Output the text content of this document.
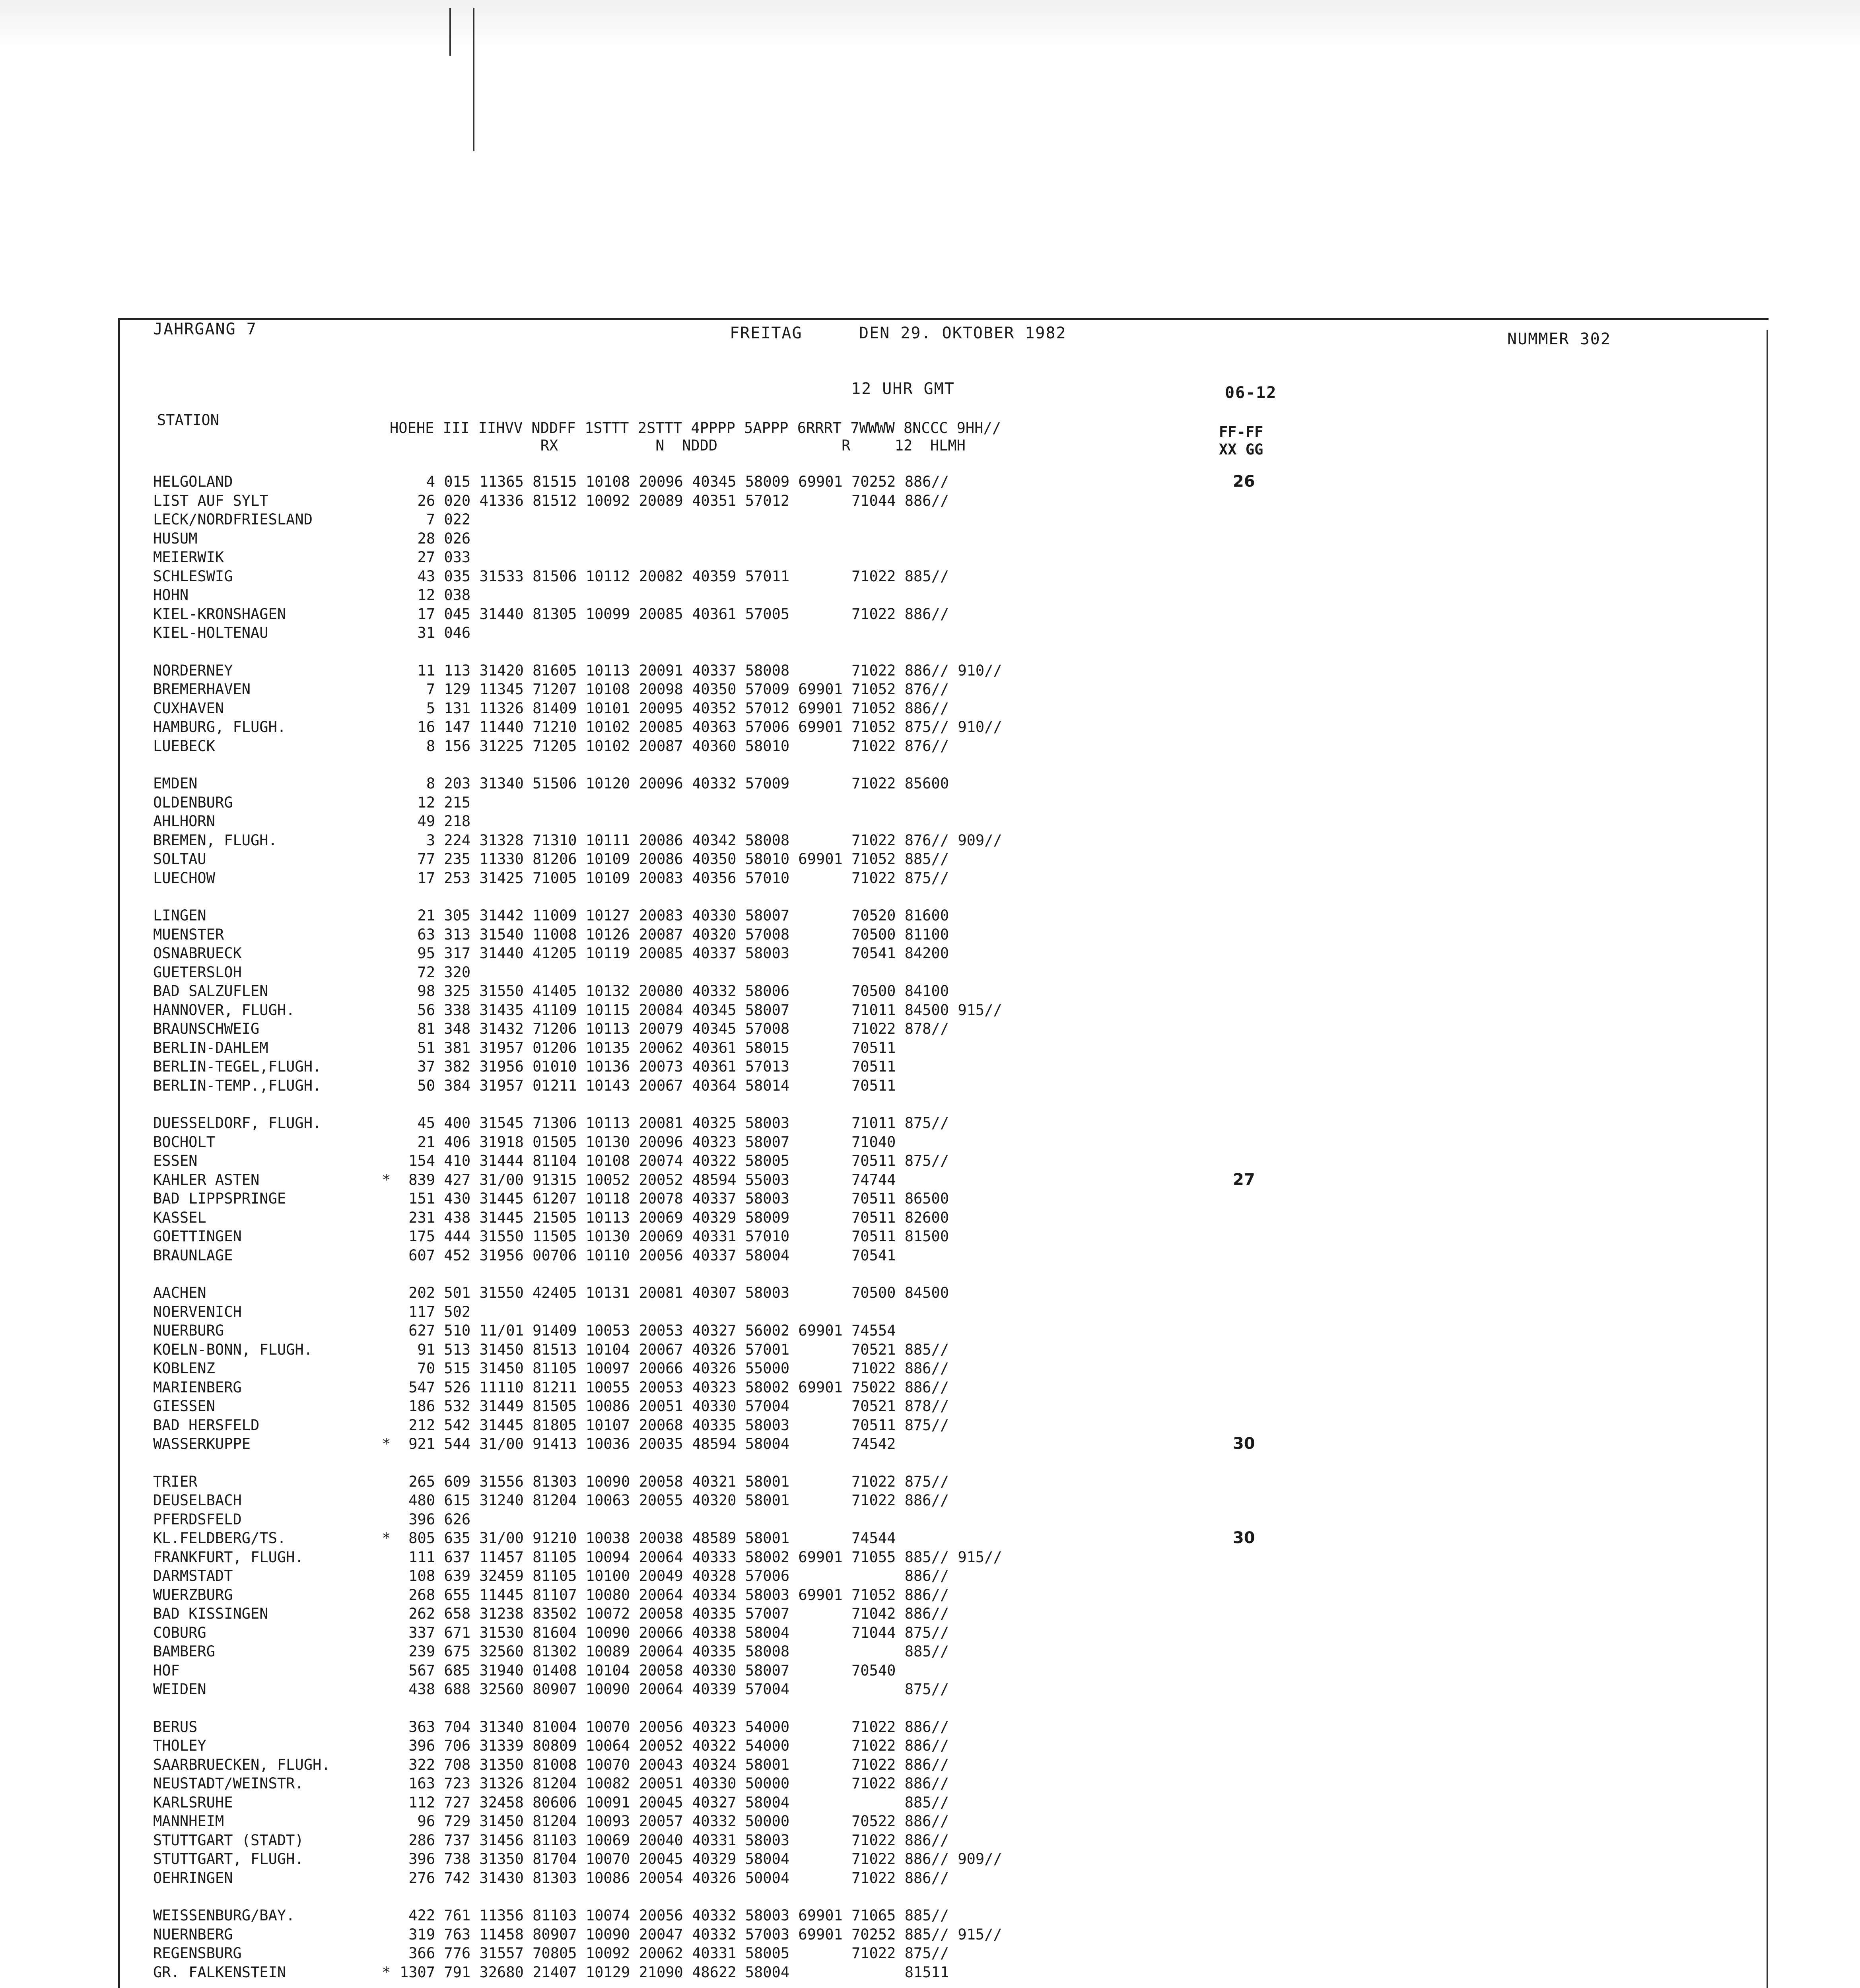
JAHRGANG 7	FREITAG	DEN 29. OKTOBER 1982	NUMMER 302
12 UHR GMT	06-12
STATION	HOEHE III IIHVV NDDFF 1STTT 2STTT 4PPPP 5APPP 6RRRT 7WWWW 8NCCC 9HH//
RX           N  NDDD              R     12  HLMH
FF-FF
XX GG
HELGOLAND	4 015 11365 81515 10108 20096 40345 58009 69901 70252 886//	26
LIST AUF SYLT	26 020 41336 81512 10092 20089 40351 57012       71044 886//
LECK/NORDFRIESLAND	7 022
HUSUM	28 026
MEIERWIK	27 033
SCHLESWIG	43 035 31533 81506 10112 20082 40359 57011       71022 885//
HOHN	12 038
KIEL-KRONSHAGEN	17 045 31440 81305 10099 20085 40361 57005       71022 886//
KIEL-HOLTENAU	31 046
NORDERNEY	11 113 31420 81605 10113 20091 40337 58008       71022 886// 910//
BREMERHAVEN	7 129 11345 71207 10108 20098 40350 57009 69901 71052 876//
CUXHAVEN	5 131 11326 81409 10101 20095 40352 57012 69901 71052 886//
HAMBURG, FLUGH.	16 147 11440 71210 10102 20085 40363 57006 69901 71052 875// 910//
LUEBECK	8 156 31225 71205 10102 20087 40360 58010       71022 876//
EMDEN	8 203 31340 51506 10120 20096 40332 57009       71022 85600
OLDENBURG	12 215
AHLHORN	49 218
BREMEN, FLUGH.	3 224 31328 71310 10111 20086 40342 58008       71022 876// 909//
SOLTAU	77 235 11330 81206 10109 20086 40350 58010 69901 71052 885//
LUECHOW	17 253 31425 71005 10109 20083 40356 57010       71022 875//
LINGEN	21 305 31442 11009 10127 20083 40330 58007       70520 81600
MUENSTER	63 313 31540 11008 10126 20087 40320 57008       70500 81100
OSNABRUECK	95 317 31440 41205 10119 20085 40337 58003       70541 84200
GUETERSLOH	72 320
BAD SALZUFLEN	98 325 31550 41405 10132 20080 40332 58006       70500 84100
HANNOVER, FLUGH.	56 338 31435 41109 10115 20084 40345 58007       71011 84500 915//
BRAUNSCHWEIG	81 348 31432 71206 10113 20079 40345 57008       71022 878//
BERLIN-DAHLEM	51 381 31957 01206 10135 20062 40361 58015       70511
BERLIN-TEGEL,FLUGH.	37 382 31956 01010 10136 20073 40361 57013       70511
BERLIN-TEMP.,FLUGH.	50 384 31957 01211 10143 20067 40364 58014       70511
DUESSELDORF, FLUGH.	45 400 31545 71306 10113 20081 40325 58003       71011 875//
BOCHOLT	21 406 31918 01505 10130 20096 40323 58007       71040
ESSEN	154 410 31444 81104 10108 20074 40322 58005       70511 875//
KAHLER ASTEN	* 839 427 31/00 91315 10052 20052 48594 55003       74744	27
BAD LIPPSPRINGE	151 430 31445 61207 10118 20078 40337 58003       70511 86500
KASSEL	231 438 31445 21505 10113 20069 40329 58009       70511 82600
GOETTINGEN	175 444 31550 11505 10130 20069 40331 57010       70511 81500
BRAUNLAGE	607 452 31956 00706 10110 20056 40337 58004       70541
AACHEN	202 501 31550 42405 10131 20081 40307 58003       70500 84500
NOERVENICH	117 502
NUERBURG	627 510 11/01 91409 10053 20053 40327 56002 69901 74554
KOELN-BONN, FLUGH.	91 513 31450 81513 10104 20067 40326 57001       70521 885//
KOBLENZ	70 515 31450 81105 10097 20066 40326 55000       71022 886//
MARIENBERG	547 526 11110 81211 10055 20053 40323 58002 69901 75022 886//
GIESSEN	186 532 31449 81505 10086 20051 40330 57004       70521 878//
BAD HERSFELD	212 542 31445 81805 10107 20068 40335 58003       70511 875//
WASSERKUPPE	* 921 544 31/00 91413 10036 20035 48594 58004       74542	30
TRIER	265 609 31556 81303 10090 20058 40321 58001       71022 875//
DEUSELBACH	480 615 31240 81204 10063 20055 40320 58001       71022 886//
PFERDSFELD	396 626
KL.FELDBERG/TS.	* 805 635 31/00 91210 10038 20038 48589 58001       74544	30
FRANKFURT, FLUGH.	111 637 11457 81105 10094 20064 40333 58002 69901 71055 885// 915//
DARMSTADT	108 639 32459 81105 10100 20049 40328 57006             886//
WUERZBURG	268 655 11445 81107 10080 20064 40334 58003 69901 71052 886//
BAD KISSINGEN	262 658 31238 83502 10072 20058 40335 57007       71042 886//
COBURG	337 671 31530 81604 10090 20066 40338 58004       71044 875//
BAMBERG	239 675 32560 81302 10089 20064 40335 58008             885//
HOF	567 685 31940 01408 10104 20058 40330 58007       70540
WEIDEN	438 688 32560 80907 10090 20064 40339 57004             875//
BERUS	363 704 31340 81004 10070 20056 40323 54000       71022 886//
THOLEY	396 706 31339 80809 10064 20052 40322 54000       71022 886//
SAARBRUECKEN, FLUGH.	322 708 31350 81008 10070 20043 40324 58001       71022 886//
NEUSTADT/WEINSTR.	163 723 31326 81204 10082 20051 40330 50000       71022 886//
KARLSRUHE	112 727 32458 80606 10091 20045 40327 58004             885//
MANNHEIM	96 729 31450 81204 10093 20057 40332 50000       70522 886//
STUTTGART (STADT)	286 737 31456 81103 10069 20040 40331 58003       71022 886//
STUTTGART, FLUGH.	396 738 31350 81704 10070 20045 40329 58004       71022 886// 909//
OEHRINGEN	276 742 31430 81303 10086 20054 40326 50004       71022 886//
WEISSENBURG/BAY.	422 761 11356 81103 10074 20056 40332 58003 69901 71065 885//
NUERNBERG	319 763 11458 80907 10090 20047 40332 57003 69901 70252 885// 915//
REGENSBURG	366 776 31557 70805 10092 20062 40331 58005       71022 875//
GR. FALKENSTEIN	* 1307 791 32680 21407 10129 21090 48622 58004             81511
